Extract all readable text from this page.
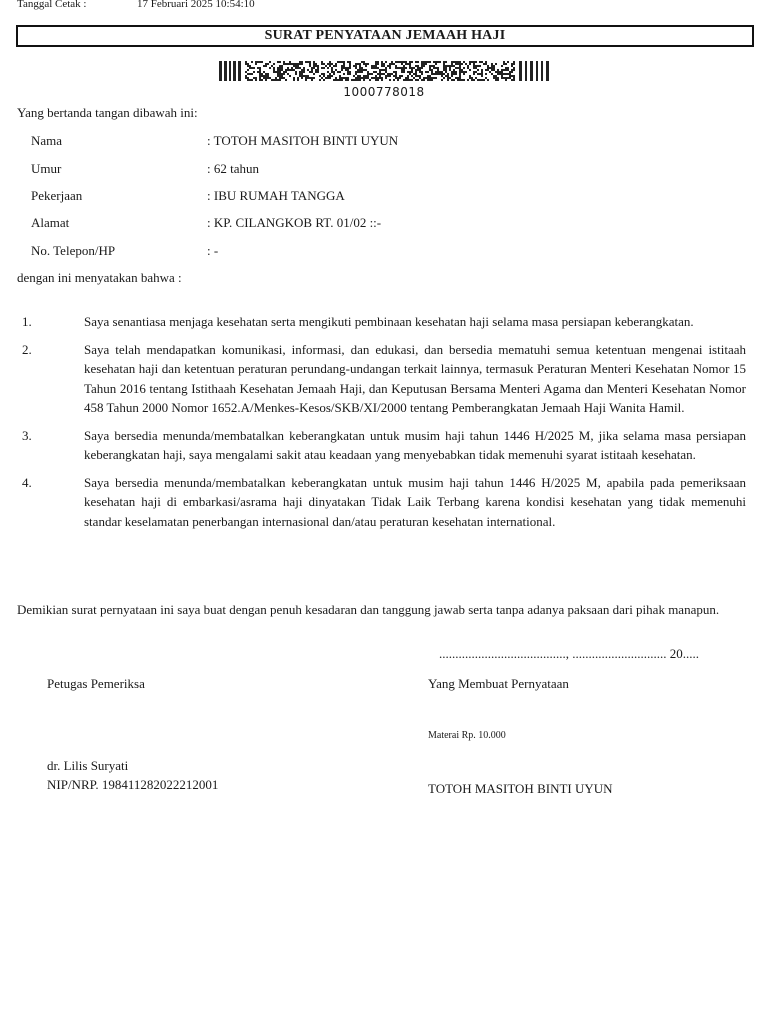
Tanggal Cetak :	17 Februari 2025 10:54:10
SURAT PENYATAAN JEMAAH HAJI
1000778018
Yang bertanda tangan dibawah ini:
Nama	: TOTOH MASITOH BINTI UYUN
Umur	: 62 tahun
Pekerjaan	: IBU RUMAH TANGGA
Alamat	: KP. CILANGKOB RT. 01/02 ::-
No. Telepon/HP	: -
dengan ini menyatakan bahwa :
1.	Saya senantiasa menjaga kesehatan serta mengikuti pembinaan kesehatan haji selama masa persiapan keberangkatan.
2.	Saya telah mendapatkan komunikasi, informasi, dan edukasi, dan bersedia mematuhi semua ketentuan mengenai istitaah kesehatan haji dan ketentuan peraturan perundang-undangan terkait lainnya, termasuk Peraturan Menteri Kesehatan Nomor 15 Tahun 2016 tentang Istithaah Kesehatan Jemaah Haji, dan Keputusan Bersama Menteri Agama dan Menteri Kesehatan Nomor 458 Tahun 2000 Nomor 1652.A/Menkes-Kesos/SKB/XI/2000 tentang Pemberangkatan Jemaah Haji Wanita Hamil.
3.	Saya bersedia menunda/membatalkan keberangkatan untuk musim haji tahun 1446 H/2025 M, jika selama masa persiapan keberangkatan haji, saya mengalami sakit atau keadaan yang menyebabkan tidak memenuhi syarat istitaah kesehatan.
4.	Saya bersedia menunda/membatalkan keberangkatan untuk musim haji tahun 1446 H/2025 M, apabila pada pemeriksaan kesehatan haji di embarkasi/asrama haji dinyatakan Tidak Laik Terbang karena kondisi kesehatan yang tidak memenuhi standar keselamatan penerbangan internasional dan/atau peraturan kesehatan international.
Demikian surat pernyataan ini saya buat dengan penuh kesadaran dan tanggung jawab serta tanpa adanya paksaan dari pihak manapun.
......................................., ............................. 20.....
Petugas Pemeriksa	Yang Membuat Pernyataan
Materai Rp. 10.000
dr. Lilis Suryati
NIP/NRP. 198411282022212001	TOTOH MASITOH BINTI UYUN
